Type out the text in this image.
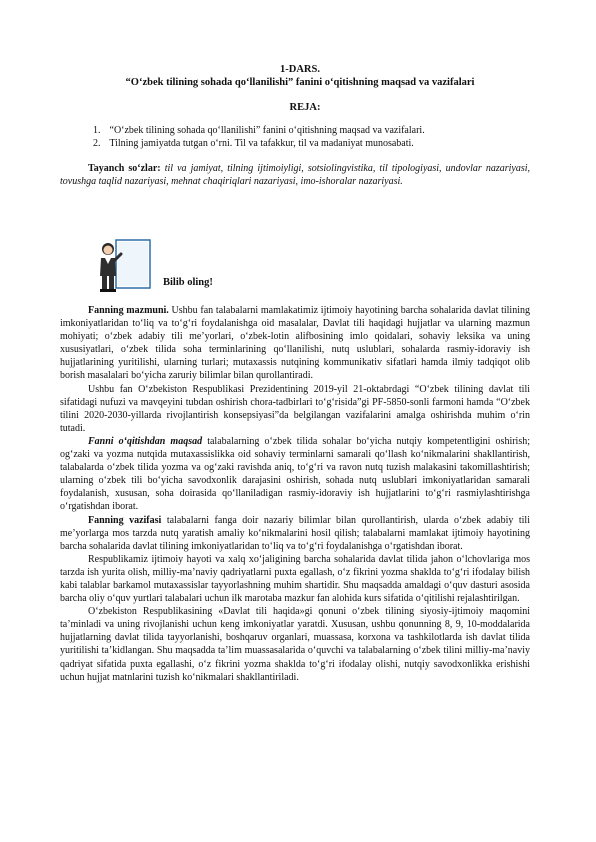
1-DARS.
“O‘zbek tilining sohada qo‘llanilishi” fanini o‘qitishning maqsad va vazifalari
REJA:
1. “O‘zbek tilining sohada qo‘llanilishi” fanini o‘qitishning maqsad va vazifalari.
2. Tilning jamiyatda tutgan o‘rni. Til va tafakkur, til va madaniyat munosabati.
Tayanch so‘zlar: til va jamiyat, tilning ijtimoiyligi, sotsiolingvistika, til tipologiyasi, undovlar nazariyasi, tovushga taqlid nazariyasi, mehnat chaqiriqlari nazariyasi, imo-ishoralar nazariyasi.
Bilib oling!

Fanning mazmuni. Ushbu fan talabalarni mamlakatimiz ijtimoiy hayotining barcha sohalarida davlat tilining imkoniyatlaridan to‘liq va to‘g‘ri foydalanishga oid masalalar, Davlat tili haqidagi hujjatlar va ularning mazmun mohiyati; o‘zbek adabiy tili me’yorlari, o‘zbek-lotin alifbosining imlo qoidalari, sohaviy leksika va uning xususiyatlari, o‘zbek tilida soha terminlarining qo‘llanilishi, nutq uslublari, sohalarda rasmiy-idoraviy ish hujjatlarining yuritilishi, ularning turlari; mutaxassis nutqining kommunikativ sifatlari hamda ilmiy tadqiqot olib borish masalalari bo‘yicha zaruriy bilimlar bilan qurollantiradi.

Ushbu fan O‘zbekiston Respublikasi Prezidentining 2019-yil 21-oktabrdagi “O‘zbek tilining davlat tili sifatidagi nufuzi va mavqeyini tubdan oshirish chora-tadbirlari to‘g‘risida”gi PF-5850-sonli farmoni hamda “O‘zbek tilini 2020-2030-yillarda rivojlantirish konsepsiyasi”da belgilangan vazifalarini amalga oshirishda muhim o‘rin tutadi.

Fanni o‘qitishdan maqsad talabalarning o‘zbek tilida sohalar bo‘yicha nutqiy kompetentligini oshirish; og‘zaki va yozma nutqida mutaxassislikka oid sohaviy terminlarni samarali qo‘llash ko‘nikmalarini shakllantirish, talabalarda o‘zbek tilida yozma va og‘zaki ravishda aniq, to‘g‘ri va ravon nutq tuzish malakasini takomillashtirish; ularning o‘zbek tili bo‘yicha savodxonlik darajasini oshirish, sohada nutq uslublari imkoniyatlaridan samarali foydalanish, xususan, soha doirasida qo‘llaniladigan rasmiy-idoraviy ish hujjatlarini to‘g‘ri rasmiylashtirishga o‘rgatishdan iborat.

Fanning vazifasi talabalarni fanga doir nazariy bilimlar bilan qurollantirish, ularda o‘zbek adabiy tili me’yorlarga mos tarzda nutq yaratish amaliy ko‘nikmalarini hosil qilish; talabalarni mamlakat ijtimoiy hayotining barcha sohalarida davlat tilining imkoniyatlaridan to‘liq va to‘g‘ri foydalanishga o‘rgatishdan iborat.

Respublikamiz ijtimoiy hayoti va xalq xo‘jaligining barcha sohalarida davlat tilida jahon o‘lchovlariga mos tarzda ish yurita olish, milliy-ma’naviy qadriyatlarni puxta egallash, o‘z fikrini yozma shaklda to‘g‘ri ifodalay bilish kabi talablar barkamol mutaxassislar tayyorlashning muhim shartidir. Shu maqsadda amaldagi o‘quv dasturi asosida barcha oliy o‘quv yurtlari talabalari uchun ilk marotaba mazkur fan alohida kurs sifatida o‘qitilishi rejalashtirilgan.

O‘zbekiston Respublikasining «Davlat tili haqida»gi qonuni o‘zbek tilining siyosiy-ijtimoiy maqomini ta’minladi va uning rivojlanishi uchun keng imkoniyatlar yaratdi. Xususan, ushbu qonunning 8, 9, 10-moddalarida hujjatlarning davlat tilida tayyorlanishi, boshqaruv organlari, muassasa, korxona va tashkilotlarda ish davlat tilida yuritilishi ta’kidlangan. Shu maqsadda ta’lim muassasalarida o‘quvchi va talabalarning o‘zbek tilini milliy-ma’naviy qadriyat sifatida puxta egallashi, o‘z fikrini yozma shaklda to‘g‘ri ifodalay olishi, nutqiy savodxonlikka erishishi uchun hujjat matnlarini tuzish ko‘nikmalari shakllantiriladi.
